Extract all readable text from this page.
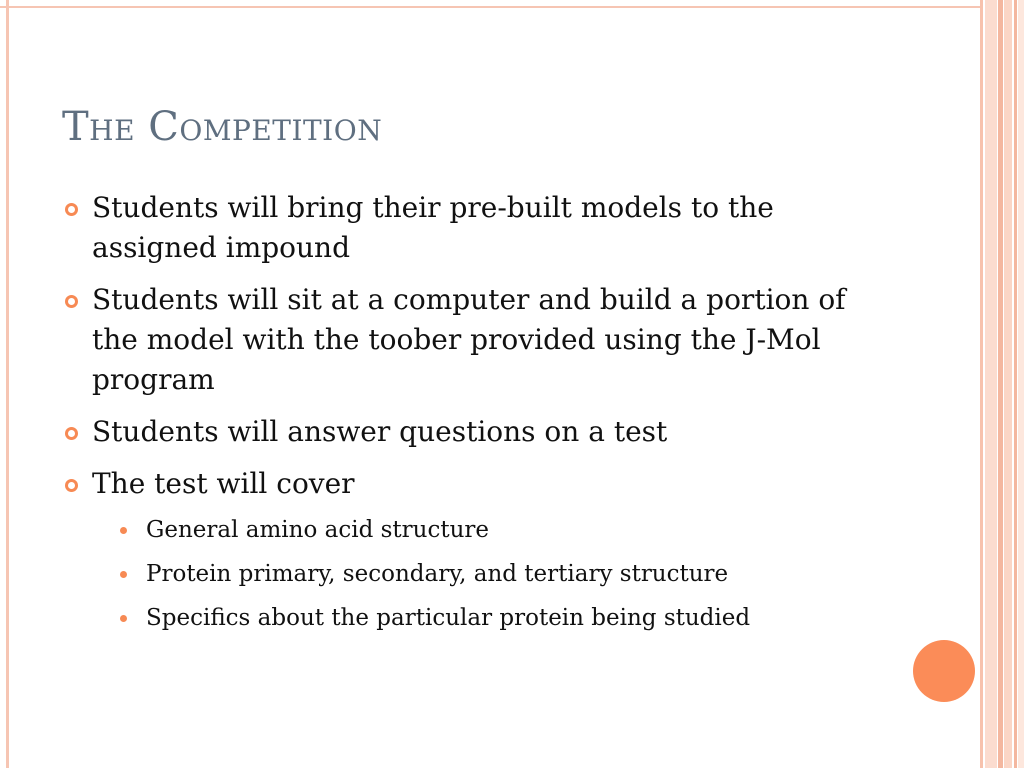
The Competition
Students will bring their pre-built models to the assigned impound
Students will sit at a computer and build a portion of the model with the toober provided using the J-Mol program
Students will answer questions on a test
The test will cover
General amino acid structure
Protein primary, secondary, and tertiary structure
Specifics about the particular protein being studied
